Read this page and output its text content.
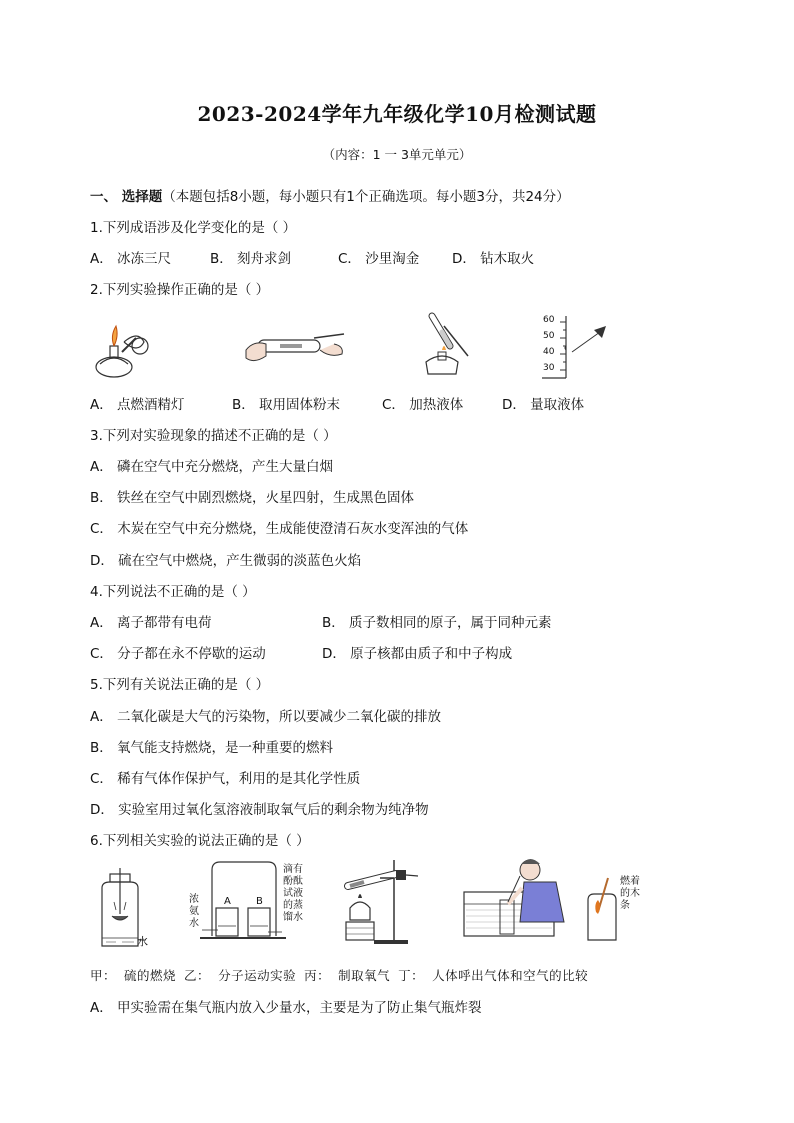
2023-2024学年九年级化学10月检测试题
（内容：1 一 3单元单元）
一、 选择题（本题包括8小题，每小题只有1个正确选项。每小题3分，共24分）
1.下列成语涉及化学变化的是（ ）
A． 冰冻三尺	B． 刻舟求剑	C． 沙里淘金 D． 钻木取火
2.下列实验操作正确的是（ ）
60
50
40
30
A． 点燃酒精灯	B． 取用固体粉末	C． 加热液体	D． 量取液体
3.下列对实验现象的描述不正确的是（ ）
A． 磷在空气中充分燃烧，产生大量白烟
B． 铁丝在空气中剧烈燃烧，火星四射，生成黑色固体
C． 木炭在空气中充分燃烧，生成能使澄清石灰水变浑浊的气体
D． 硫在空气中燃烧，产生微弱的淡蓝色火焰
4.下列说法不正确的是（ ）
A． 离子都带有电荷	B． 质子数相同的原子，属于同种元素
C． 分子都在永不停歇的运动	D． 原子核都由质子和中子构成
5.下列有关说法正确的是（ ）
A． 二氧化碳是大气的污染物，所以要减少二氧化碳的排放
B． 氧气能支持燃烧，是一种重要的燃料
C． 稀有气体作保护气，利用的是其化学性质
D． 实验室用过氧化氢溶液制取氧气后的剩余物为纯净物
6.下列相关实验的说法正确的是（ ）
水
浓
氨
水
A	B
滴有
酚酞
试液
的蒸
馏水
燃着
的木
条
甲： 硫的燃烧 乙： 分子运动实验 丙： 制取氧气 丁： 人体呼出气体和空气的比较
A． 甲实验需在集气瓶内放入少量水，主要是为了防止集气瓶炸裂
